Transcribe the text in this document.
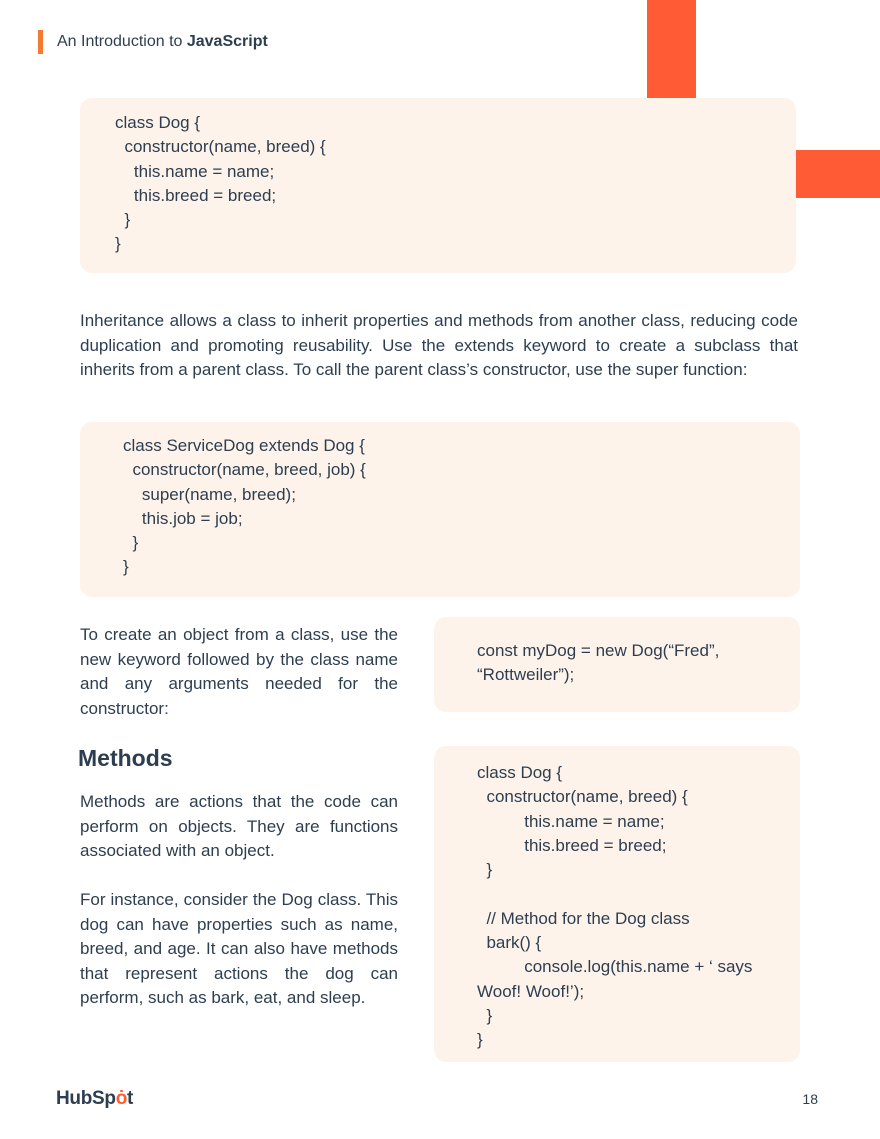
An Introduction to JavaScript
class Dog {
constructor(name, breed) {
this.name = name;
this.breed = breed;
}
}
Inheritance allows a class to inherit properties and methods from another class, reducing code duplication and promoting reusability. Use the extends keyword to create a subclass that inherits from a parent class. To call the parent class’s constructor, use the super function:
class ServiceDog extends Dog {
constructor(name, breed, job) {
super(name, breed);
this.job = job;
}
}
To create an object from a class, use the new keyword followed by the class name and any arguments needed for the constructor:
const myDog = new Dog(“Fred”,
“Rottweiler”);
Methods
Methods are actions that the code can perform on objects. They are functions associated with an object.
For instance, consider the Dog class. This dog can have properties such as name, breed, and age. It can also have methods that represent actions the dog can perform, such as bark, eat, and sleep.
class Dog {
constructor(name, breed) {
this.name = name;
this.breed = breed;
}

// Method for the Dog class
bark() {
console.log(this.name + ‘ says
Woof! Woof!’);
}
}
HubSpȯt	18
